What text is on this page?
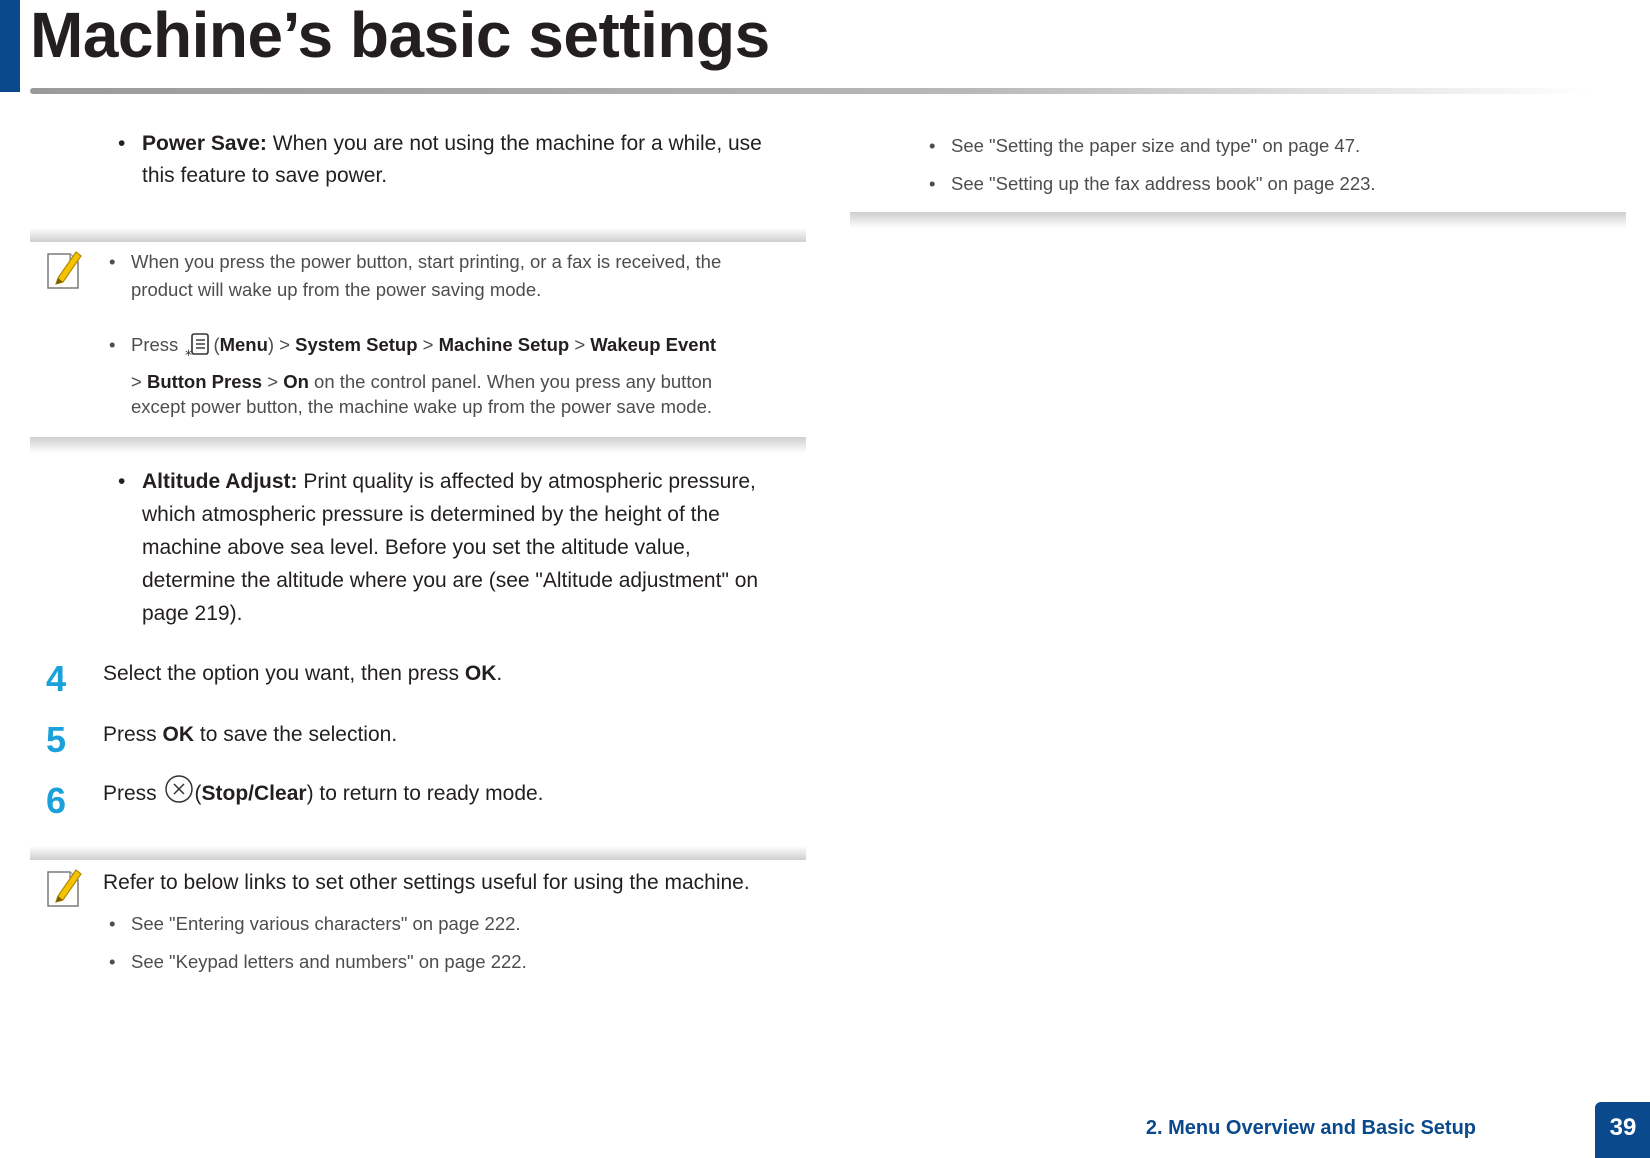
Machine’s basic settings
• Power Save: When you are not using the machine for a while, use
this feature to save power.
• When you press the power button, start printing, or a fax is received, the
product will wake up from the power saving mode.
• Press
*
(Menu) > System Setup > Machine Setup > Wakeup Event
> Button Press > On on the control panel. When you press any button
except power button, the machine wake up from the power save mode.
• Altitude Adjust: Print quality is affected by atmospheric pressure,
which atmospheric pressure is determined by the height of the
machine above sea level. Before you set the altitude value,
determine the altitude where you are (see "Altitude adjustment" on
page 219).
4 Select the option you want, then press OK.
5 Press OK to save the selection.
6 Press (Stop/Clear) to return to ready mode.
Refer to below links to set other settings useful for using the machine.
• See "Entering various characters" on page 222.
• See "Keypad letters and numbers" on page 222.
• See "Setting the paper size and type" on page 47.
• See "Setting up the fax address book" on page 223.
2. Menu Overview and Basic Setup	39
